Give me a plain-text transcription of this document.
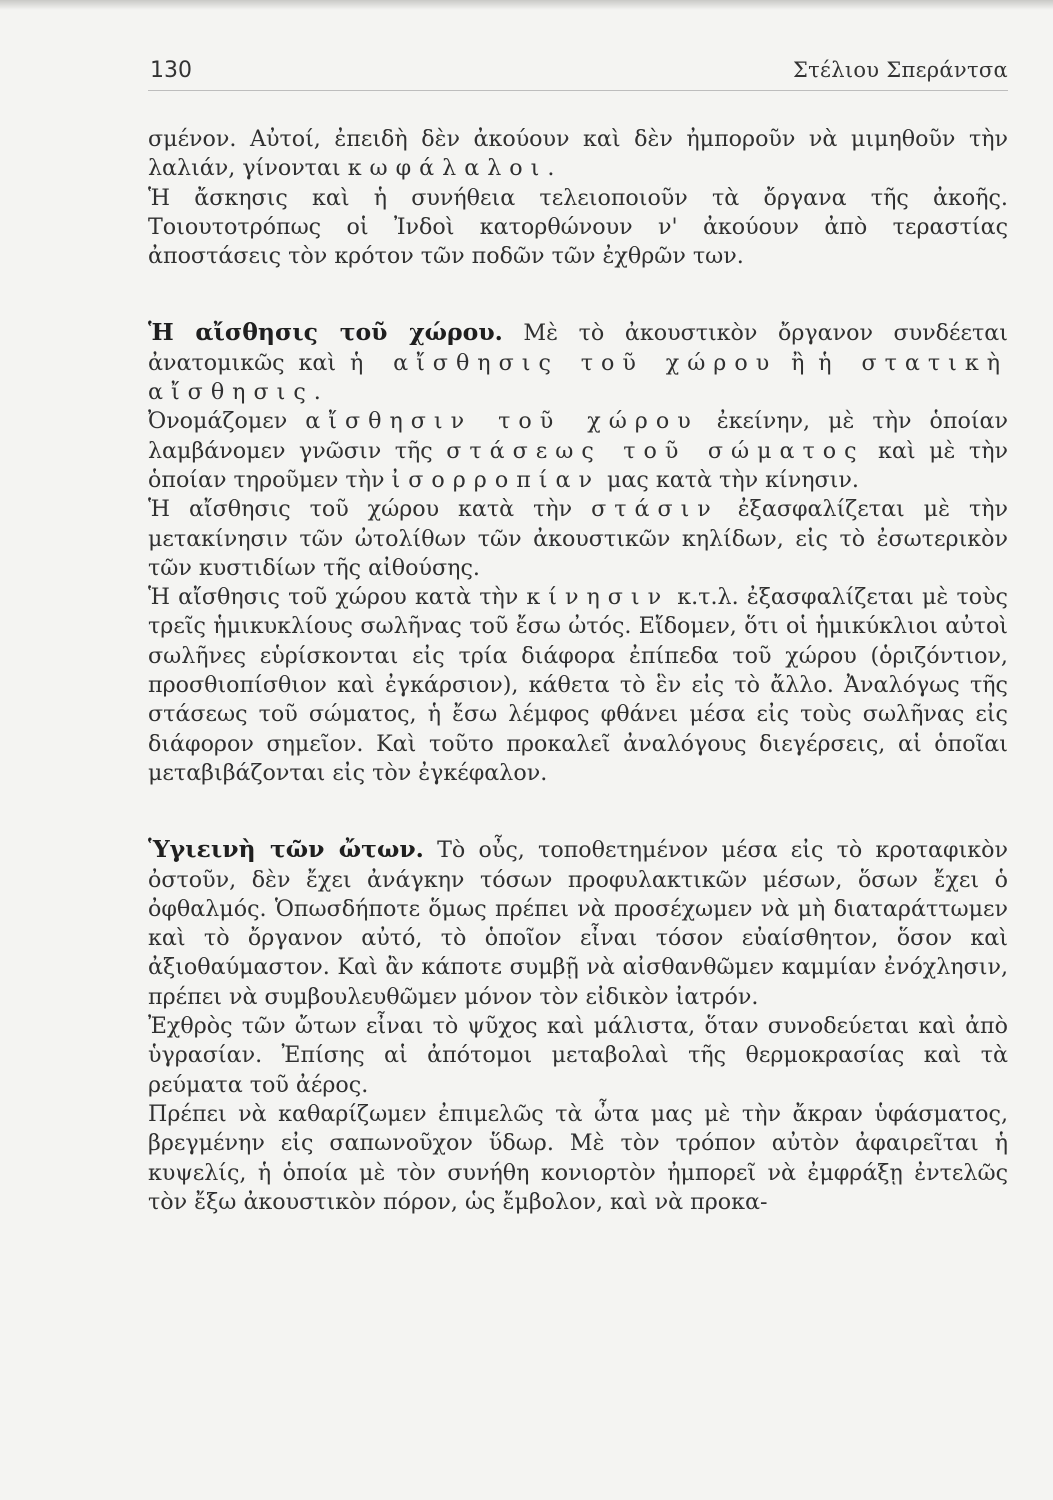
130	Στέλιου Σπεράντσα

σμένον. Αὐτοί, ἐπειδὴ δὲν ἀκούουν καὶ δὲν ἠμποροῦν νὰ μιμηθοῦν τὴν λαλιάν, γίνονται κωφάλαλοι.

Ἡ ἄσκησις καὶ ἡ συνήθεια τελειοποιοῦν τὰ ὄργανα τῆς ἀκοῆς. Τοιουτοτρόπως οἱ Ἰνδοὶ κατορθώνουν ν' ἀκούουν ἀπὸ τεραστίας ἀποστάσεις τὸν κρότον τῶν ποδῶν τῶν ἐχθρῶν των.

Ἡ αἴσθησις τοῦ χώρου. Μὲ τὸ ἀκουστικὸν ὄργανον συνδέεται ἀνατομικῶς καὶ ἡ αἴσθησις τοῦ χώρου ἢ ἡ στατικὴ αἴσθησις.

Ὀνομάζομεν αἴσθησιν τοῦ χώρου ἐκείνην, μὲ τὴν ὁποίαν λαμβάνομεν γνῶσιν τῆς στάσεως τοῦ σώματος καὶ μὲ τὴν ὁποίαν τηροῦμεν τὴν ἰσορροπίαν μας κατὰ τὴν κίνησιν.

Ἡ αἴσθησις τοῦ χώρου κατὰ τὴν στάσιν ἐξασφαλίζεται μὲ τὴν μετακίνησιν τῶν ὠτολίθων τῶν ἀκουστικῶν κηλίδων, εἰς τὸ ἐσωτερικὸν τῶν κυστιδίων τῆς αἰθούσης.

Ἡ αἴσθησις τοῦ χώρου κατὰ τὴν κίνησιν κ.τ.λ. ἐξασφαλίζεται μὲ τοὺς τρεῖς ἡμικυκλίους σωλῆνας τοῦ ἔσω ὠτός. Εἴδομεν, ὅτι οἱ ἡμικύκλιοι αὐτοὶ σωλῆνες εὑρίσκονται εἰς τρία διάφορα ἐπίπεδα τοῦ χώρου (ὁριζόντιον, προσθιοπίσθιον καὶ ἐγκάρσιον), κάθετα τὸ ἓν εἰς τὸ ἄλλο. Ἀναλόγως τῆς στάσεως τοῦ σώματος, ἡ ἔσω λέμφος φθάνει μέσα εἰς τοὺς σωλῆνας εἰς διάφορον σημεῖον. Καὶ τοῦτο προκαλεῖ ἀναλόγους διεγέρσεις, αἱ ὁποῖαι μεταβιβάζονται εἰς τὸν ἐγκέφαλον.

Ὑγιεινὴ τῶν ὤτων. Τὸ οὖς, τοποθετημένον μέσα εἰς τὸ κροταφικὸν ὀστοῦν, δὲν ἔχει ἀνάγκην τόσων προφυλακτικῶν μέσων, ὅσων ἔχει ὁ ὀφθαλμός. Ὁπωσδήποτε ὅμως πρέπει νὰ προσέχωμεν νὰ μὴ διαταράττωμεν καὶ τὸ ὄργανον αὐτό, τὸ ὁποῖον εἶναι τόσον εὐαίσθητον, ὅσον καὶ ἀξιοθαύμαστον. Καὶ ἂν κάποτε συμβῇ νὰ αἰσθανθῶμεν καμμίαν ἐνόχλησιν, πρέπει νὰ συμβουλευθῶμεν μόνον τὸν εἰδικὸν ἰατρόν.

Ἐχθρὸς τῶν ὤτων εἶναι τὸ ψῦχος καὶ μάλιστα, ὅταν συνοδεύεται καὶ ἀπὸ ὑγρασίαν. Ἐπίσης αἱ ἀπότομοι μεταβολαὶ τῆς θερμοκρασίας καὶ τὰ ρεύματα τοῦ ἀέρος.

Πρέπει νὰ καθαρίζωμεν ἐπιμελῶς τὰ ὦτα μας μὲ τὴν ἄκραν ὑφάσματος, βρεγμένην εἰς σαπωνοῦχον ὕδωρ. Μὲ τὸν τρόπον αὐτὸν ἀφαιρεῖται ἡ κυψελίς, ἡ ὁποία μὲ τὸν συνήθη κονιορτὸν ἠμπορεῖ νὰ ἐμφράξῃ ἐντελῶς τὸν ἔξω ἀκουστικὸν πόρον, ὡς ἔμβολον, καὶ νὰ προκα-
